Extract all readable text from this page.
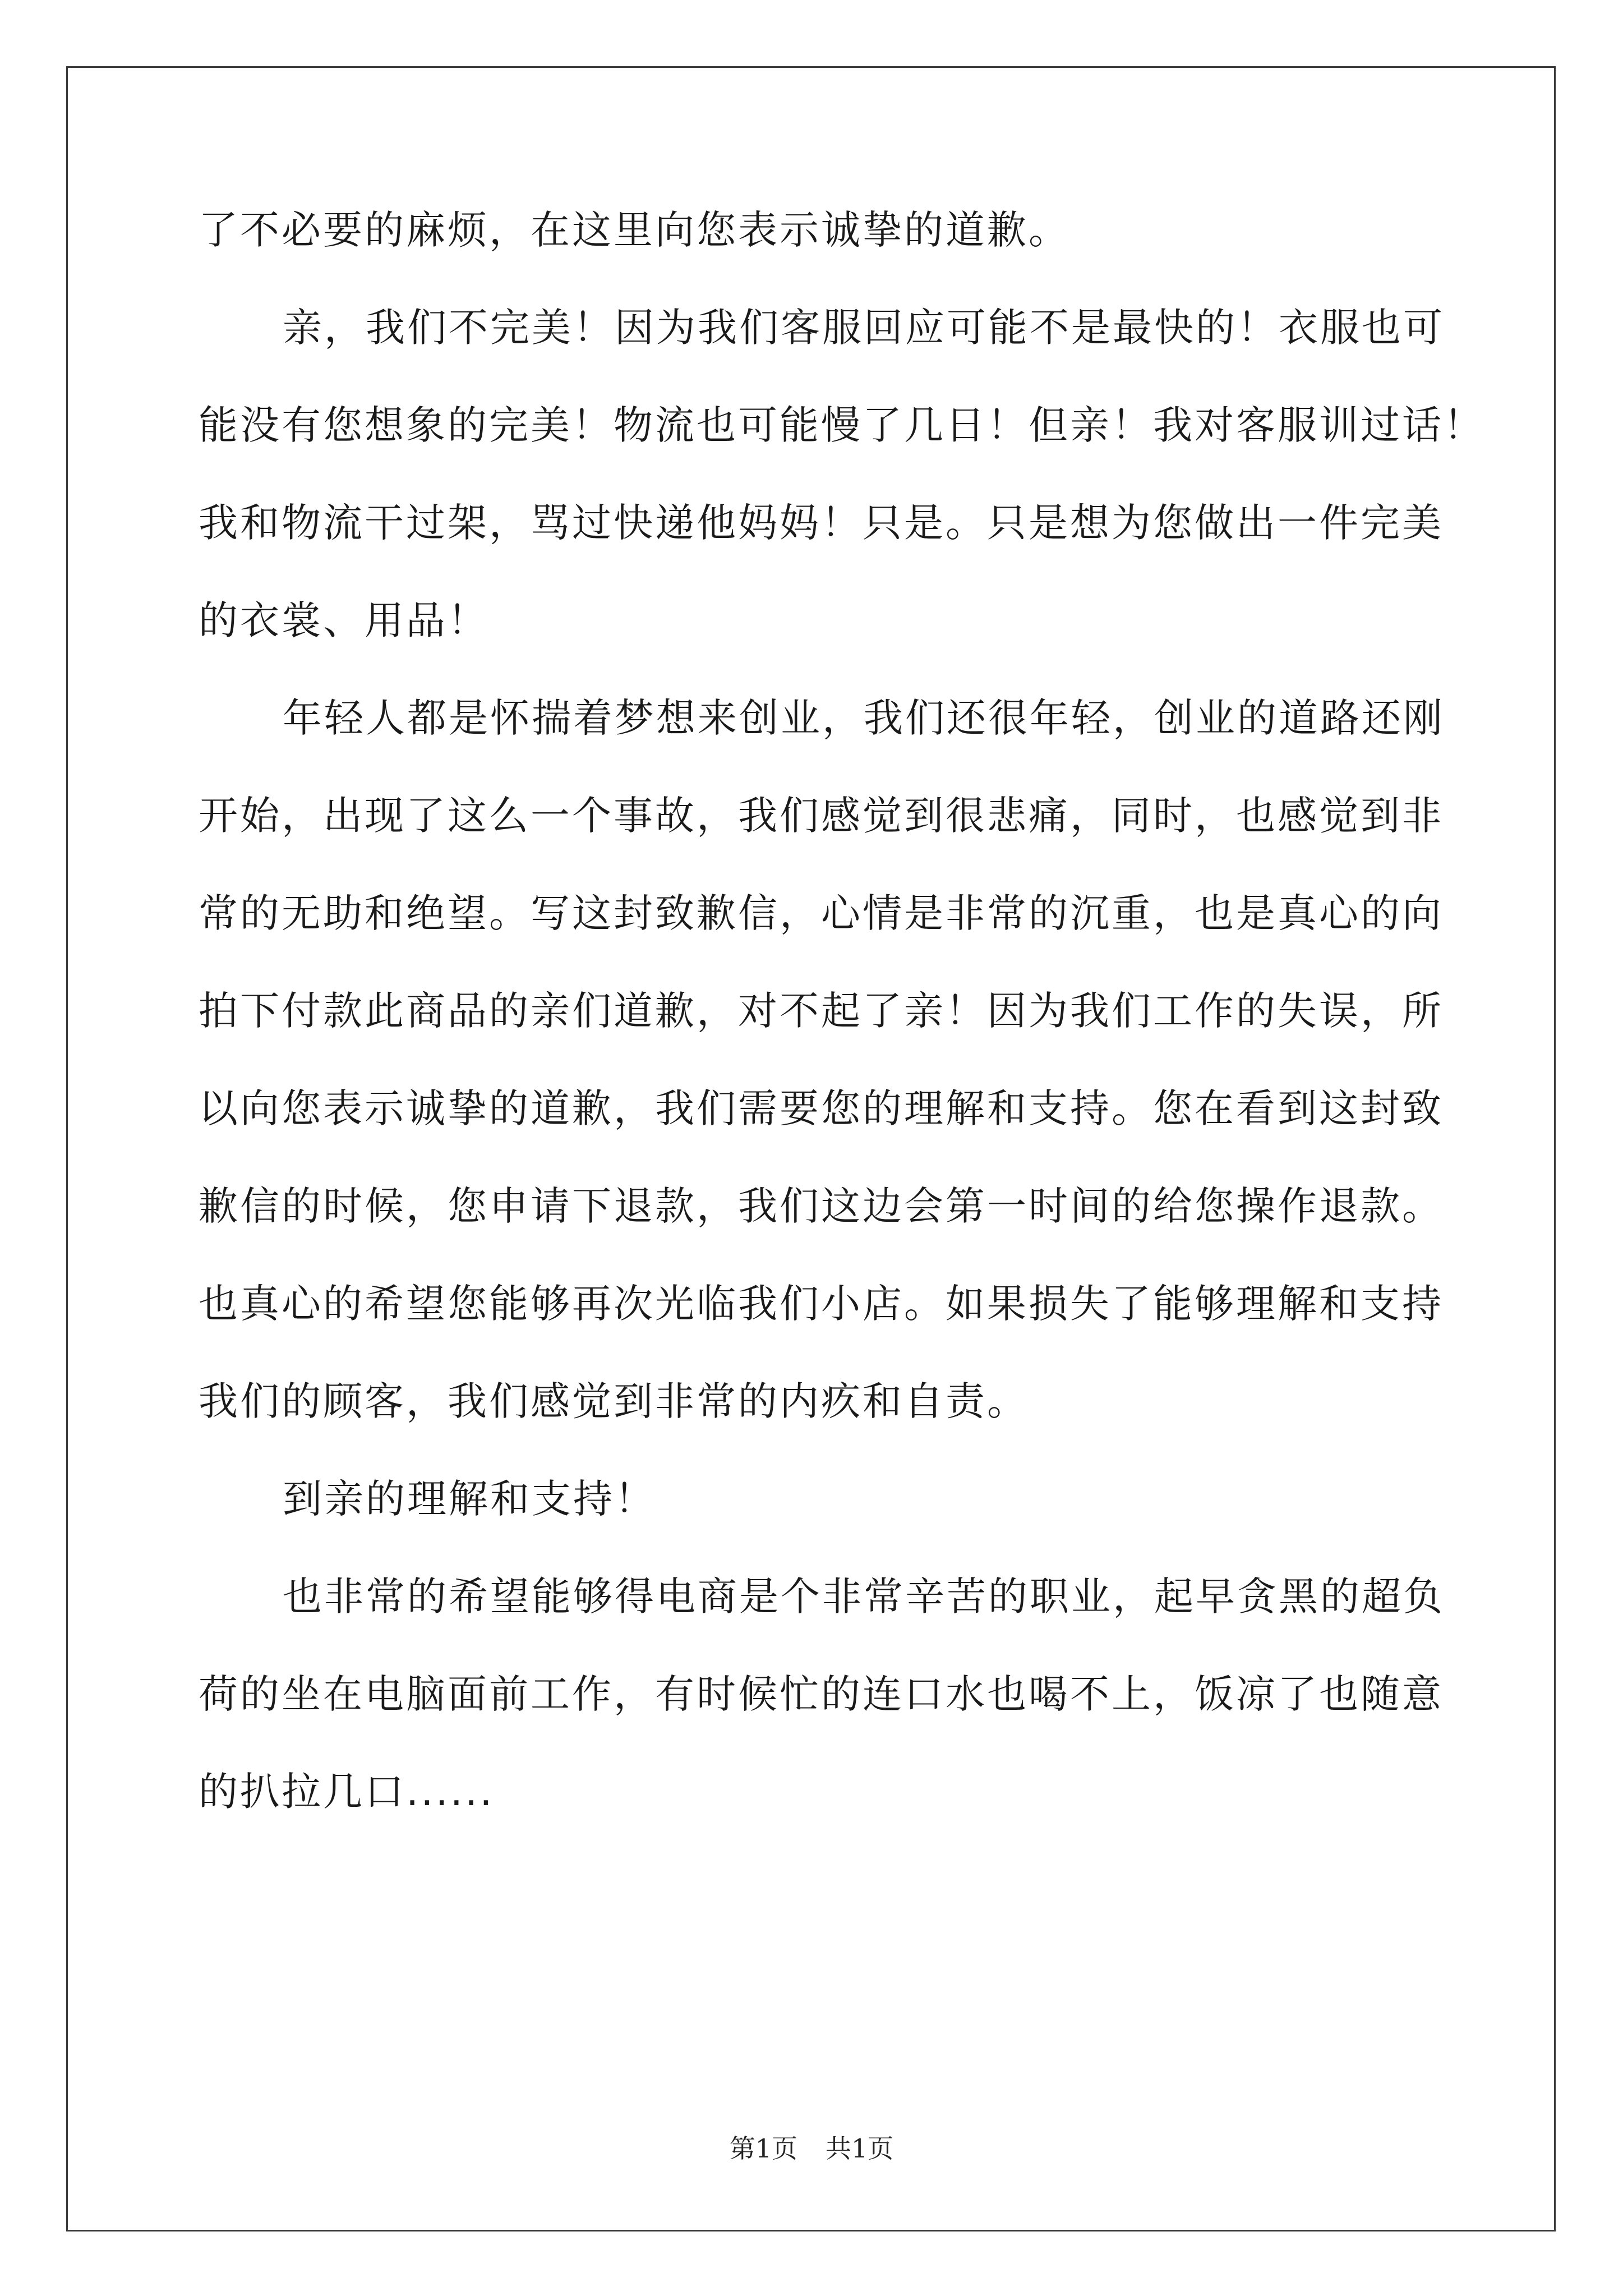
了不必要的麻烦，在这里向您表示诚挚的道歉。
亲，我们不完美！因为我们客服回应可能不是最快的！衣服也可
能没有您想象的完美！物流也可能慢了几日！但亲！我对客服训过话！
我和物流干过架，骂过快递他妈妈！只是。只是想为您做出一件完美
的衣裳、用品！
年轻人都是怀揣着梦想来创业，我们还很年轻，创业的道路还刚
开始，出现了这么一个事故，我们感觉到很悲痛，同时，也感觉到非
常的无助和绝望。写这封致歉信，心情是非常的沉重，也是真心的向
拍下付款此商品的亲们道歉，对不起了亲！因为我们工作的失误，所
以向您表示诚挚的道歉，我们需要您的理解和支持。您在看到这封致
歉信的时候，您申请下退款，我们这边会第一时间的给您操作退款。
也真心的希望您能够再次光临我们小店。如果损失了能够理解和支持
我们的顾客，我们感觉到非常的内疚和自责。
到亲的理解和支持！
也非常的希望能够得电商是个非常辛苦的职业，起早贪黑的超负
荷的坐在电脑面前工作，有时候忙的连口水也喝不上，饭凉了也随意
的扒拉几口......
第1页 共1页
